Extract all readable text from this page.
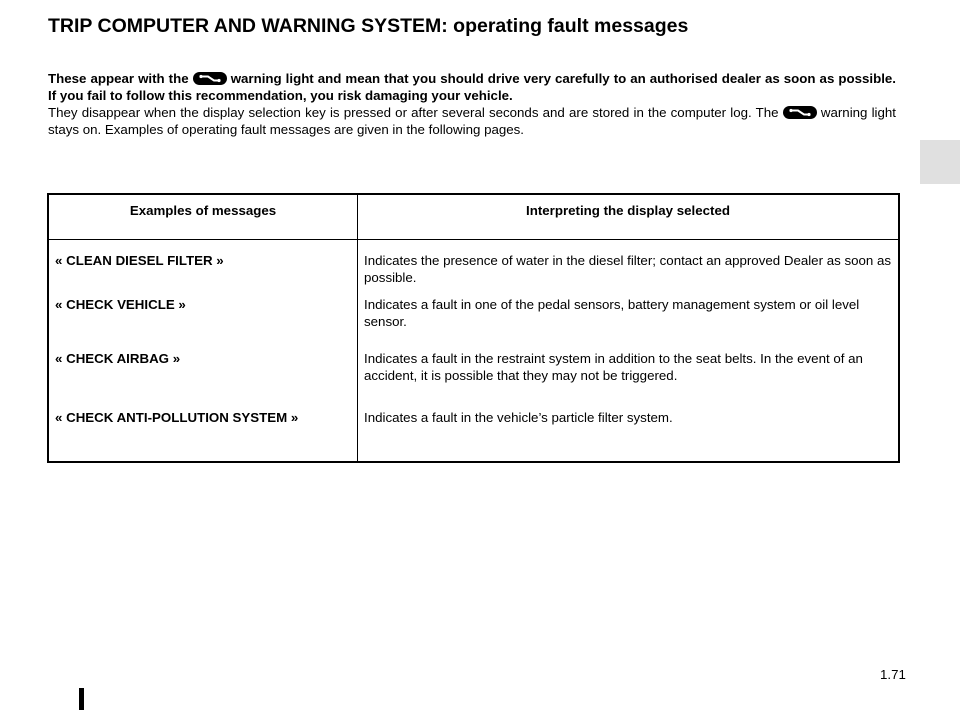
TRIP COMPUTER AND WARNING SYSTEM: operating fault messages

These appear with the	warning light and mean that you should drive very carefully to an authorised dealer as soon as possible. If you fail to follow this recommendation, you risk damaging your vehicle.

They disappear when the display selection key is pressed or after several seconds and are stored in the computer log. The	warning light stays on. Examples of operating fault messages are given in the following pages.

Examples of messages	Interpreting the display selected
« CLEAN DIESEL FILTER »	Indicates the presence of water in the diesel filter; contact an approved Dealer as soon as possible.
« CHECK VEHICLE »	Indicates a fault in one of the pedal sensors, battery management system or oil level sensor.
« CHECK AIRBAG »	Indicates a fault in the restraint system in addition to the seat belts. In the event of an accident, it is possible that they may not be triggered.
« CHECK ANTI-POLLUTION SYSTEM »	Indicates a fault in the vehicle’s particle filter system.
1.71
